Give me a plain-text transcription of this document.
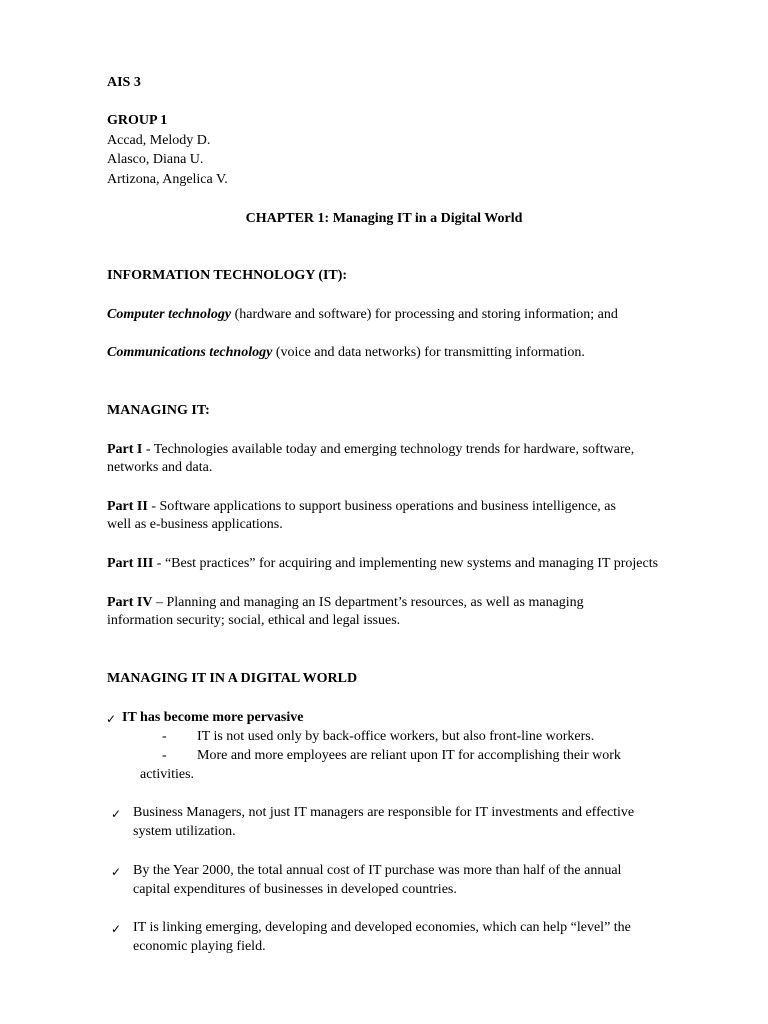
AIS 3
GROUP 1
Accad, Melody D.
Alasco, Diana U.
Artizona, Angelica V.
CHAPTER 1: Managing IT in a Digital World
INFORMATION TECHNOLOGY (IT):
Computer technology (hardware and software) for processing and storing information; and
Communications technology (voice and data networks) for transmitting information.
MANAGING IT:
Part I - Technologies available today and emerging technology trends for hardware, software,
networks and data.
Part II - Software applications to support business operations and business intelligence, as
well as e-business applications.
Part III - “Best practices” for acquiring and implementing new systems and managing IT projects
Part IV – Planning and managing an IS department’s resources, as well as managing
information security; social, ethical and legal issues.
MANAGING IT IN A DIGITAL WORLD
✓ IT has become more pervasive
- IT is not used only by back-office workers, but also front-line workers.
- More and more employees are reliant upon IT for accomplishing their work
activities.
✓ Business Managers, not just IT managers are responsible for IT investments and effective
system utilization.
✓ By the Year 2000, the total annual cost of IT purchase was more than half of the annual
capital expenditures of businesses in developed countries.
✓ IT is linking emerging, developing and developed economies, which can help “level” the
economic playing field.
